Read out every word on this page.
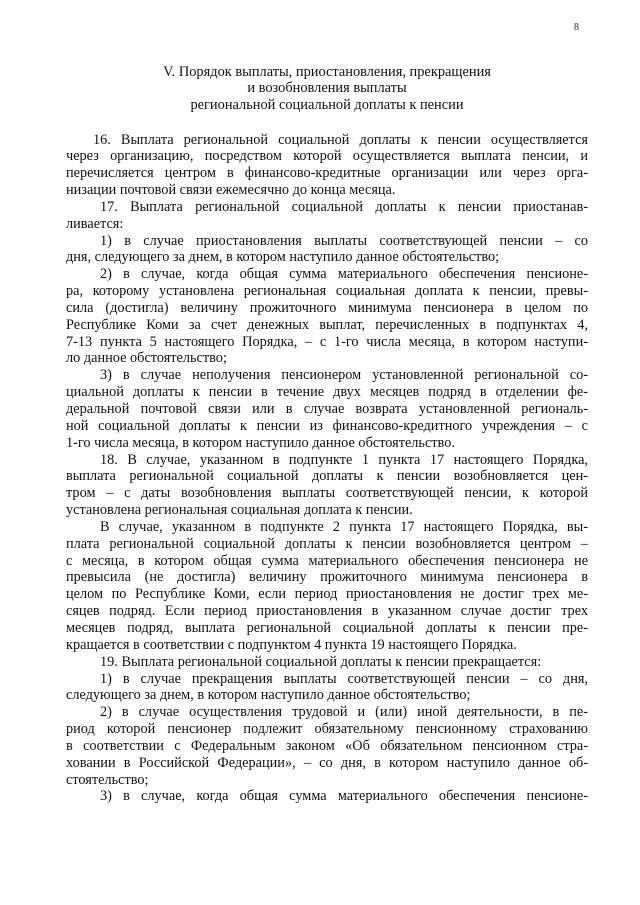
8
V. Порядок выплаты, приостановления, прекращения
и возобновления выплаты
региональной социальной доплаты к пенсии
16. Выплата региональной социальной доплаты к пенсии осуществляется
через организацию, посредством которой осуществляется выплата пенсии, и
перечисляется центром в финансово-кредитные организации или через орга-
низации почтовой связи ежемесячно до конца месяца.
17. Выплата региональной социальной доплаты к пенсии приостанав-
ливается:
1) в случае приостановления выплаты соответствующей пенсии – со
дня, следующего за днем, в котором наступило данное обстоятельство;
2) в случае, когда общая сумма материального обеспечения пенсионе-
ра, которому установлена региональная социальная доплата к пенсии, превы-
сила (достигла) величину прожиточного минимума пенсионера в целом по
Республике Коми за счет денежных выплат, перечисленных в подпунктах 4,
7-13 пункта 5 настоящего Порядка, – с 1-го числа месяца, в котором наступи-
ло данное обстоятельство;
3) в случае неполучения пенсионером установленной региональной со-
циальной доплаты к пенсии в течение двух месяцев подряд в отделении фе-
деральной почтовой связи или в случае возврата установленной региональ-
ной социальной доплаты к пенсии из финансово-кредитного учреждения – с
1-го числа месяца, в котором наступило данное обстоятельство.
18. В случае, указанном в подпункте 1 пункта 17 настоящего Порядка,
выплата региональной социальной доплаты к пенсии возобновляется цен-
тром – с даты возобновления выплаты соответствующей пенсии, к которой
установлена региональная социальная доплата к пенсии.
В случае, указанном в подпункте 2 пункта 17 настоящего Порядка, вы-
плата региональной социальной доплаты к пенсии возобновляется центром –
с месяца, в котором общая сумма материального обеспечения пенсионера не
превысила (не достигла) величину прожиточного минимума пенсионера в
целом по Республике Коми, если период приостановления не достиг трех ме-
сяцев подряд. Если период приостановления в указанном случае достиг трех
месяцев подряд, выплата региональной социальной доплаты к пенсии пре-
кращается в соответствии с подпунктом 4 пункта 19 настоящего Порядка.
19. Выплата региональной социальной доплаты к пенсии прекращается:
1) в случае прекращения выплаты соответствующей пенсии – со дня,
следующего за днем, в котором наступило данное обстоятельство;
2) в случае осуществления трудовой и (или) иной деятельности, в пе-
риод которой пенсионер подлежит обязательному пенсионному страхованию
в соответствии с Федеральным законом «Об обязательном пенсионном стра-
ховании в Российской Федерации», – со дня, в котором наступило данное об-
стоятельство;
3) в случае, когда общая сумма материального обеспечения пенсионе-
